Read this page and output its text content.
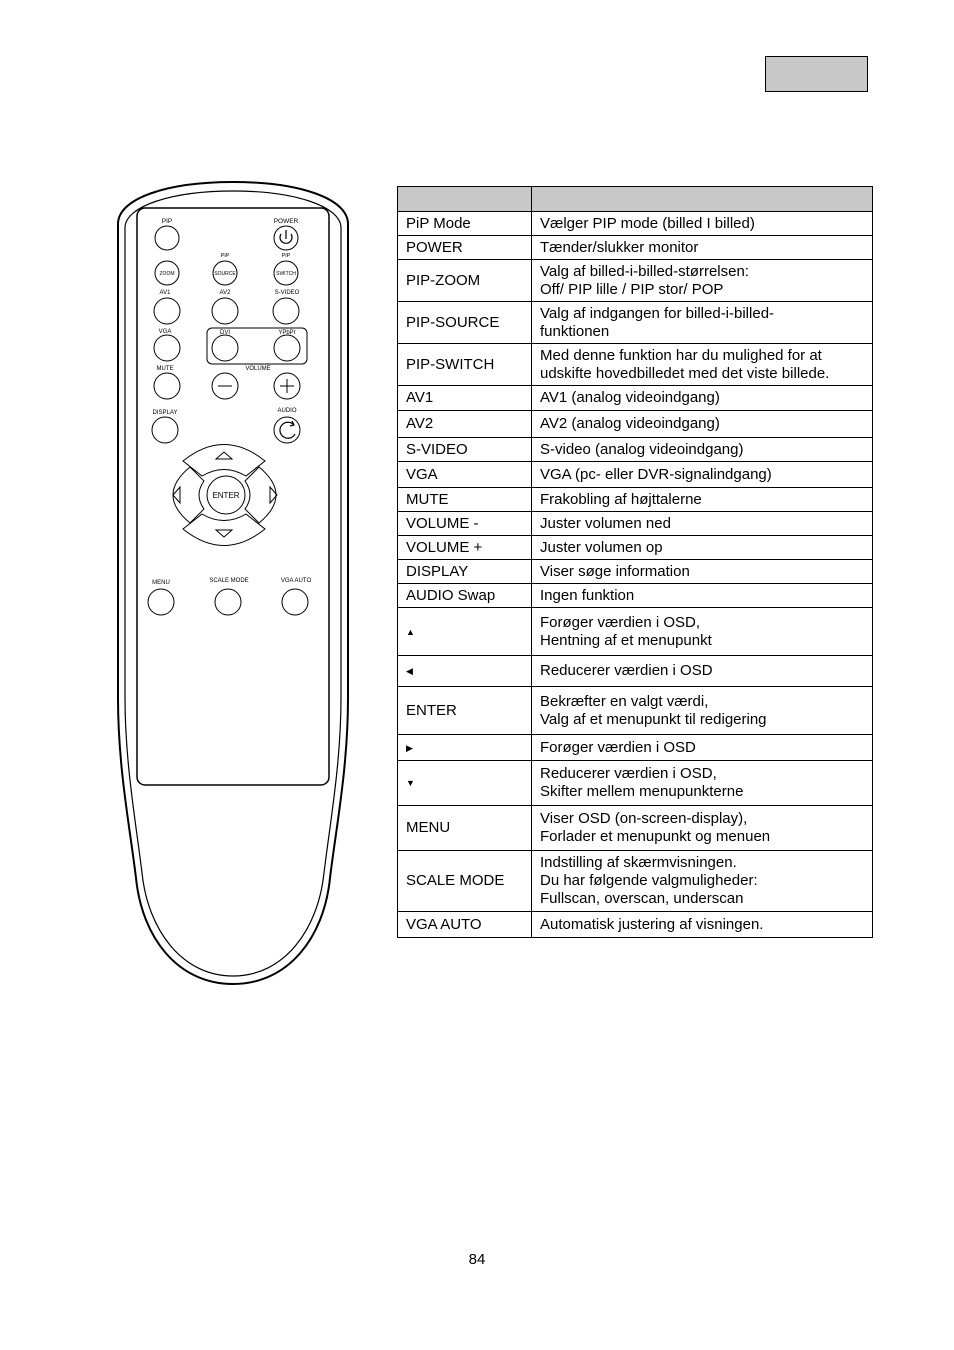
PIP	POWER
PIP	PIP
ZOOM	SOURCE	SWITCH
AV1	AV2	S-VIDEO
VGA	DVI	YPbPr
MUTE	VOLUME
DISPLAY	AUDIO
ENTER
MENU	SCALE MODE	VGA AUTO

PiP Mode	Vælger PIP mode (billed I billed)
POWER	Tænder/slukker monitor
PIP-ZOOM	Valg af billed-i-billed-størrelsen:
Off/ PIP lille / PIP stor/ POP
PIP-SOURCE	Valg af indgangen for billed-i-billed-
funktionen
PIP-SWITCH	Med denne funktion har du mulighed for at
udskifte hovedbilledet med det viste billede.
AV1	AV1 (analog videoindgang)
AV2	AV2 (analog videoindgang)
S-VIDEO	S-video (analog videoindgang)
VGA	VGA (pc- eller DVR-signalindgang)
MUTE	Frakobling af højttalerne
VOLUME -	Juster volumen ned
VOLUME +	Juster volumen op
DISPLAY	Viser søge information
AUDIO Swap	Ingen funktion
▲	Forøger værdien i OSD,
Hentning af et menupunkt
◀	Reducerer værdien i OSD
ENTER	Bekræfter en valgt værdi,
Valg af et menupunkt til redigering
▶	Forøger værdien i OSD
▼	Reducerer værdien i OSD,
Skifter mellem menupunkterne
MENU	Viser OSD (on-screen-display),
Forlader et menupunkt og menuen
SCALE MODE	Indstilling af skærmvisningen.
Du har følgende valgmuligheder:
Fullscan, overscan, underscan
VGA AUTO	Automatisk justering af visningen.
84
